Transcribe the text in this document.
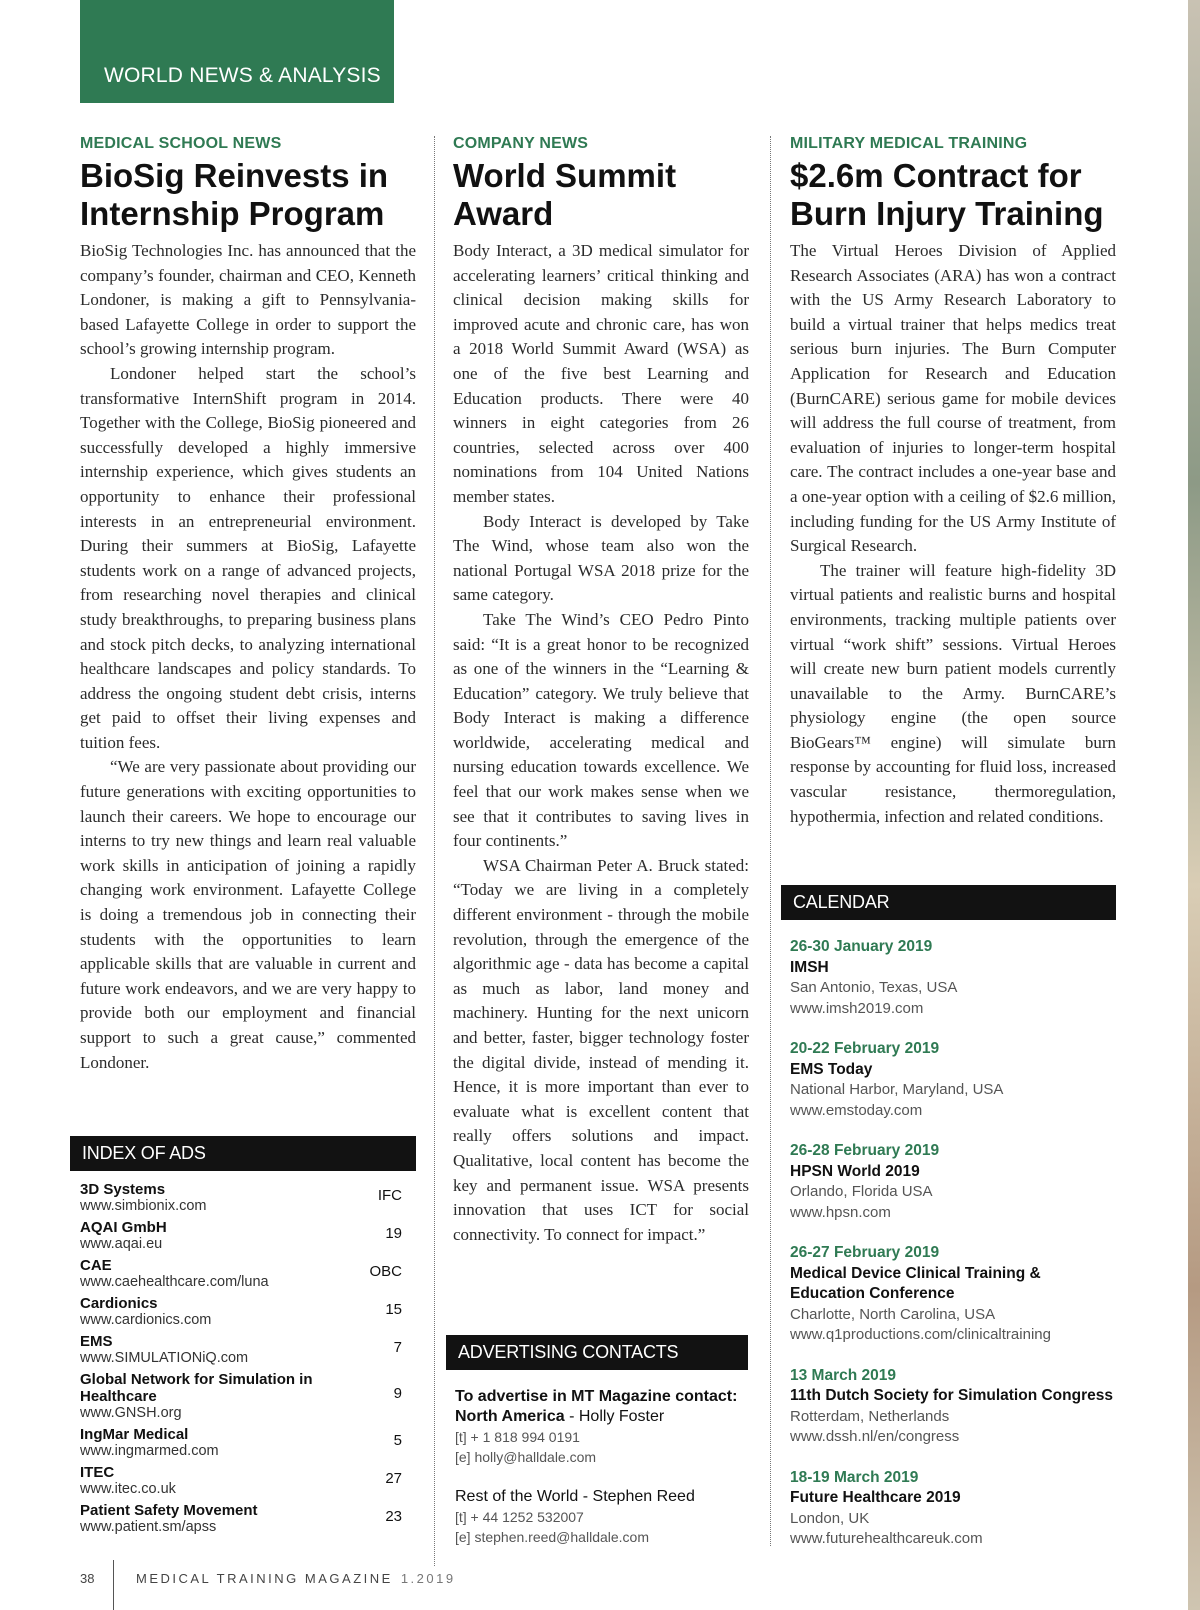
WORLD NEWS & ANALYSIS
MEDICAL SCHOOL NEWS
BioSig Reinvests in Internship Program

BioSig Technologies Inc. has announced that the company’s founder, chairman and CEO, Kenneth Londoner, is making a gift to Pennsylvania-based Lafayette College in order to support the school’s growing internship program.

Londoner helped start the school’s transformative InternShift program in 2014. Together with the College, BioSig pioneered and successfully developed a highly immersive internship experience, which gives students an opportunity to enhance their professional interests in an entrepreneurial environment. During their summers at BioSig, Lafayette students work on a range of advanced projects, from researching novel therapies and clinical study breakthroughs, to preparing business plans and stock pitch decks, to analyzing international healthcare landscapes and policy standards. To address the ongoing student debt crisis, interns get paid to offset their living expenses and tuition fees.

“We are very passionate about providing our future generations with exciting opportunities to launch their careers. We hope to encourage our interns to try new things and learn real valuable work skills in anticipation of joining a rapidly changing work environment. Lafayette College is doing a tremendous job in connecting their students with the opportunities to learn applicable skills that are valuable in current and future work endeavors, and we are very happy to provide both our employment and financial support to such a great cause,” commented Londoner.

COMPANY NEWS
World Summit Award

Body Interact, a 3D medical simulator for accelerating learners’ critical thinking and clinical decision making skills for improved acute and chronic care, has won a 2018 World Summit Award (WSA) as one of the five best Learning and Education products. There were 40 winners in eight categories from 26 countries, selected across over 400 nominations from 104 United Nations member states.

Body Interact is developed by Take The Wind, whose team also won the national Portugal WSA 2018 prize for the same category.

Take The Wind’s CEO Pedro Pinto said: “It is a great honor to be recognized as one of the winners in the “Learning & Education” category. We truly believe that Body Interact is making a difference worldwide, accelerating medical and nursing education towards excellence. We feel that our work makes sense when we see that it contributes to saving lives in four continents.”

WSA Chairman Peter A. Bruck stated: “Today we are living in a completely different environment - through the mobile revolution, through the emergence of the algorithmic age - data has become a capital as much as labor, land money and machinery. Hunting for the next unicorn and better, faster, bigger technology foster the digital divide, instead of mending it. Hence, it is more important than ever to evaluate what is excellent content that really offers solutions and impact. Qualitative, local content has become the key and permanent issue. WSA presents innovation that uses ICT for social connectivity. To connect for impact.”

MILITARY MEDICAL TRAINING
$2.6m Contract for Burn Injury Training

The Virtual Heroes Division of Applied Research Associates (ARA) has won a contract with the US Army Research Laboratory to build a virtual trainer that helps medics treat serious burn injuries. The Burn Computer Application for Research and Education (BurnCARE) serious game for mobile devices will address the full course of treatment, from evaluation of injuries to longer-term hospital care. The contract includes a one-year base and a one-year option with a ceiling of $2.6 million, including funding for the US Army Institute of Surgical Research.

The trainer will feature high-fidelity 3D virtual patients and realistic burns and hospital environments, tracking multiple patients over virtual “work shift” sessions. Virtual Heroes will create new burn patient models currently unavailable to the Army. BurnCARE’s physiology engine (the open source BioGears™ engine) will simulate burn response by accounting for fluid loss, increased vascular resistance, thermoregulation, hypothermia, infection and related conditions.

INDEX OF ADS
3D Systems
www.simbionix.com
IFC
AQAI GmbH
www.aqai.eu
19
CAE
www.caehealthcare.com/luna
OBC
Cardionics
www.cardionics.com
15
EMS
www.SIMULATIONiQ.com
7
Global Network for Simulation in Healthcare
www.GNSH.org
9
IngMar Medical
www.ingmarmed.com
5
ITEC
www.itec.co.uk
27
Patient Safety Movement
www.patient.sm/apss
23
ADVERTISING CONTACTS
To advertise in MT Magazine contact:
North America - Holly Foster
[t] + 1 818 994 0191
[e] holly@halldale.com
Rest of the World - Stephen Reed
[t] + 44 1252 532007
[e] stephen.reed@halldale.com
CALENDAR
26-30 January 2019
IMSH
San Antonio, Texas, USA
www.imsh2019.com
20-22 February 2019
EMS Today
National Harbor, Maryland, USA
www.emstoday.com
26-28 February 2019
HPSN World 2019
Orlando, Florida USA
www.hpsn.com
26-27 February 2019
Medical Device Clinical Training & Education Conference
Charlotte, North Carolina, USA
www.q1productions.com/clinicaltraining
13 March 2019
11th Dutch Society for Simulation Congress
Rotterdam, Netherlands
www.dssh.nl/en/congress
18-19 March 2019
Future Healthcare 2019
London, UK
www.futurehealthcareuk.com
38	MEDICAL TRAINING MAGAZINE 1.2019
